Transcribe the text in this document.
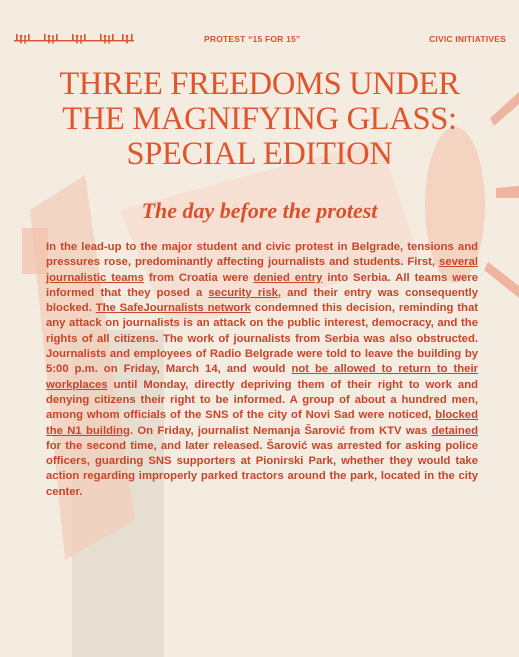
PROTEST “15 FOR 15”	CIVIC INITIATIVES
THREE FREEDOMS UNDER
THE MAGNIFYING GLASS:
SPECIAL EDITION
The day before the protest

In the lead-up to the major student and civic protest in Belgrade, tensions and pressures rose, predominantly affecting journalists and students. First, several journalistic teams from Croatia were denied entry into Serbia. All teams were informed that they posed a security risk, and their entry was consequently blocked. The SafeJournalists network condemned this decision, reminding that any attack on journalists is an attack on the public interest, democracy, and the rights of all citizens. The work of journalists from Serbia was also obstructed. Journalists and employees of Radio Belgrade were told to leave the building by 5:00 p.m. on Friday, March 14, and would not be allowed to return to their workplaces until Monday, directly depriving them of their right to work and denying citizens their right to be informed. A group of about a hundred men, among whom officials of the SNS of the city of Novi Sad were noticed, blocked the N1 building. On Friday, journalist Nemanja Šarović from KTV was detained for the second time, and later released. Šarović was arrested for asking police officers, guarding SNS supporters at Pionirski Park, whether they would take action regarding improperly parked tractors around the park, located in the city center.
